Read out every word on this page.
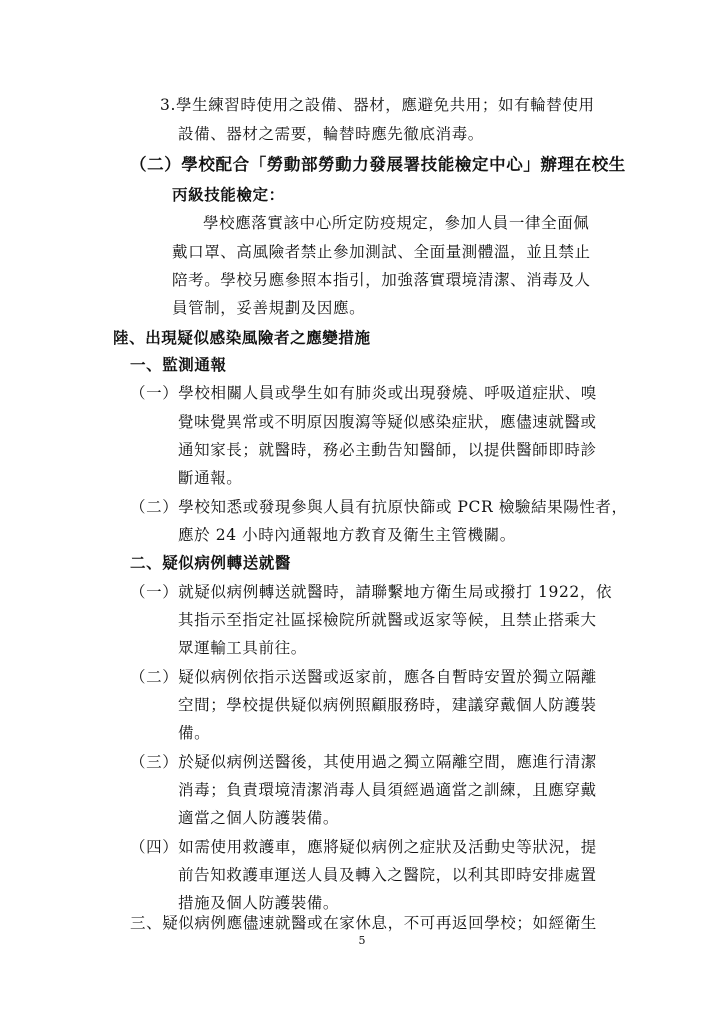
3.學生練習時使用之設備、器材，應避免共用；如有輪替使用
設備、器材之需要，輪替時應先徹底消毒。
（二）學校配合「勞動部勞動力發展署技能檢定中心」辦理在校生
丙級技能檢定：
學校應落實該中心所定防疫規定，參加人員一律全面佩
戴口罩、高風險者禁止參加測試、全面量測體溫，並且禁止
陪考。學校另應參照本指引，加強落實環境清潔、消毒及人
員管制，妥善規劃及因應。
陸、出現疑似感染風險者之應變措施
一、監測通報
（一）學校相關人員或學生如有肺炎或出現發燒、呼吸道症狀、嗅
覺味覺異常或不明原因腹瀉等疑似感染症狀，應儘速就醫或
通知家長；就醫時，務必主動告知醫師，以提供醫師即時診
斷通報。
（二）學校知悉或發現參與人員有抗原快篩或 PCR 檢驗結果陽性者，
應於 24 小時內通報地方教育及衛生主管機關。
二、疑似病例轉送就醫
（一）就疑似病例轉送就醫時，請聯繫地方衛生局或撥打 1922，依
其指示至指定社區採檢院所就醫或返家等候，且禁止搭乘大
眾運輸工具前往。
（二）疑似病例依指示送醫或返家前，應各自暫時安置於獨立隔離
空間；學校提供疑似病例照顧服務時，建議穿戴個人防護裝
備。
（三）於疑似病例送醫後，其使用過之獨立隔離空間，應進行清潔
消毒；負責環境清潔消毒人員須經過適當之訓練，且應穿戴
適當之個人防護裝備。
（四）如需使用救護車，應將疑似病例之症狀及活動史等狀況，提
前告知救護車運送人員及轉入之醫院，以利其即時安排處置
措施及個人防護裝備。
三、疑似病例應儘速就醫或在家休息，不可再返回學校；如經衛生
5
